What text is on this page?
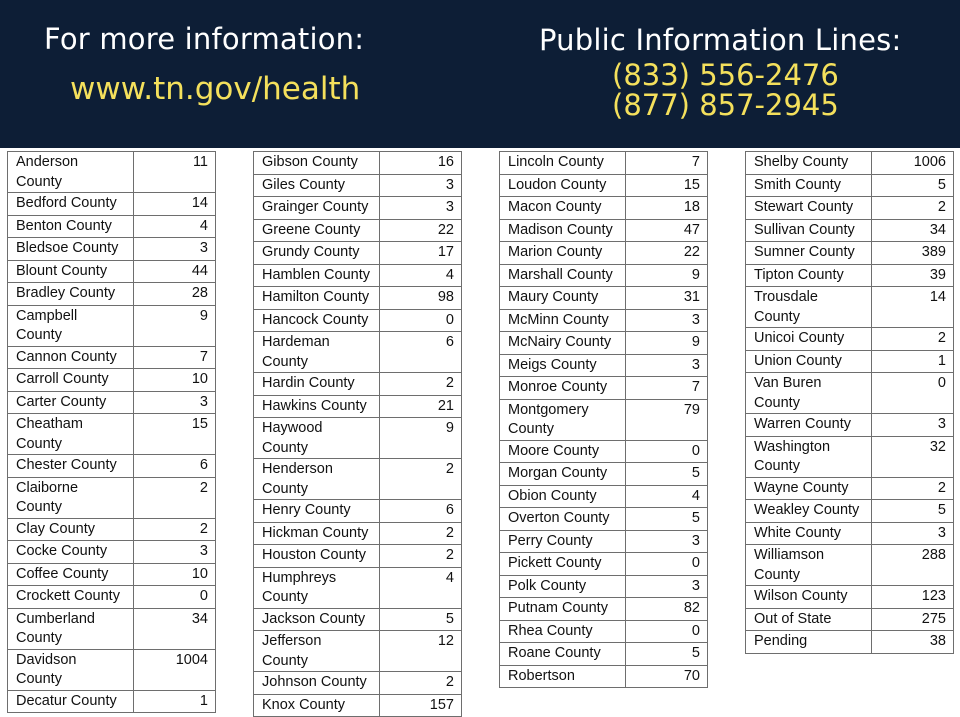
For more information:
www.tn.gov/health
Public Information Lines:
(833) 556-2476
(877) 857-2945
Anderson County	11
Bedford County	14
Benton County	4
Bledsoe County	3
Blount County	44
Bradley County	28
Campbell County	9
Cannon County	7
Carroll County	10
Carter County	3
Cheatham County	15
Chester County	6
Claiborne County	2
Clay County	2
Cocke County	3
Coffee County	10
Crockett County	0
Cumberland County	34
Davidson County	1004
Decatur County	1
Gibson County	16
Giles County	3
Grainger County	3
Greene County	22
Grundy County	17
Hamblen County	4
Hamilton County	98
Hancock County	0
Hardeman County	6
Hardin County	2
Hawkins County	21
Haywood County	9
Henderson County	2
Henry County	6
Hickman County	2
Houston County	2
Humphreys County	4
Jackson County	5
Jefferson County	12
Johnson County	2
Knox County	157
Lincoln County	7
Loudon County	15
Macon County	18
Madison County	47
Marion County	22
Marshall County	9
Maury County	31
McMinn County	3
McNairy County	9
Meigs County	3
Monroe County	7
Montgomery County	79
Moore County	0
Morgan County	5
Obion County	4
Overton County	5
Perry County	3
Pickett County	0
Polk County	3
Putnam County	82
Rhea County	0
Roane County	5
Robertson	70
Shelby County	1006
Smith County	5
Stewart County	2
Sullivan County	34
Sumner County	389
Tipton County	39
Trousdale County	14
Unicoi County	2
Union County	1
Van Buren County	0
Warren County	3
Washington County	32
Wayne County	2
Weakley County	5
White County	3
Williamson County	288
Wilson County	123
Out of State	275
Pending	38
